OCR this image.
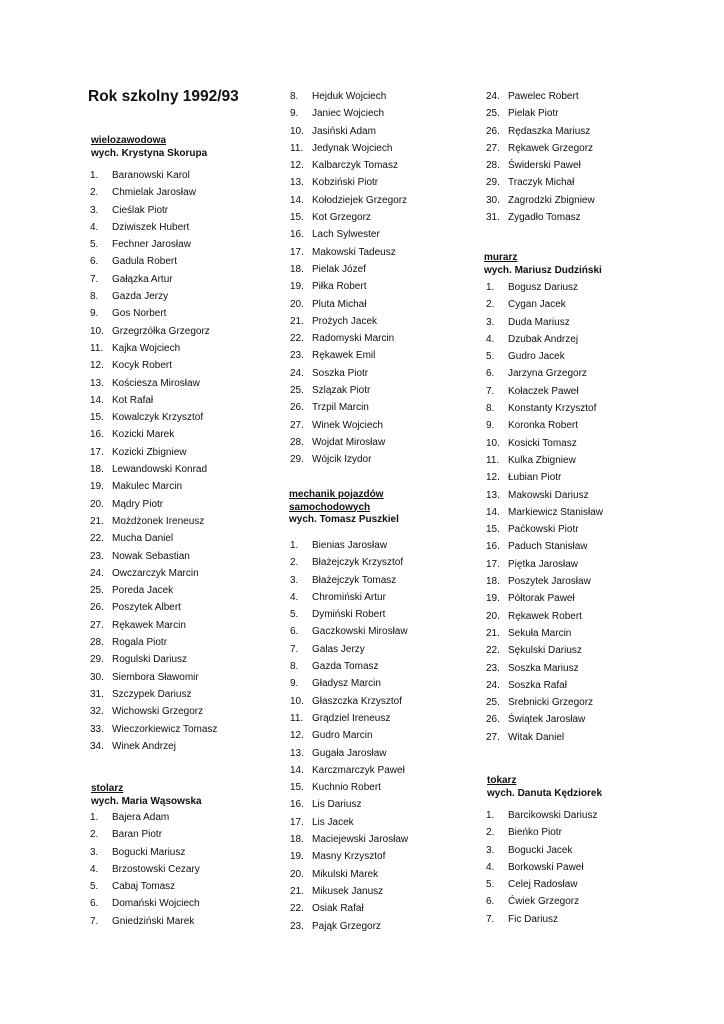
Rok szkolny 1992/93
wielozawodowa
wych. Krystyna Skorupa
1. Baranowski Karol
2. Chmielak Jarosław
3. Cieślak Piotr
4. Dziwiszek Hubert
5. Fechner Jarosław
6. Gadula Robert
7. Gałązka Artur
8. Gazda Jerzy
9. Gos Norbert
10. Grzegrzółka Grzegorz
11. Kajka Wojciech
12. Kocyk Robert
13. Kościesza Mirosław
14. Kot Rafał
15. Kowalczyk Krzysztof
16. Kozicki Marek
17. Kozicki Zbigniew
18. Lewandowski Konrad
19. Makulec Marcin
20. Mądry Piotr
21. Możdżonek Ireneusz
22. Mucha Daniel
23. Nowak Sebastian
24. Owczarczyk Marcin
25. Poreda Jacek
26. Poszytek Albert
27. Rękawek Marcin
28. Rogala Piotr
29. Rogulski Dariusz
30. Siembora Sławomir
31. Szczypek Dariusz
32. Wichowski Grzegorz
33. Wieczorkiewicz Tomasz
34. Winek Andrzej
stolarz
wych. Maria Wąsowska
1. Bajera Adam
2. Baran Piotr
3. Bogucki Mariusz
4. Brzostowski Cezary
5. Cabaj Tomasz
6. Domański Wojciech
7. Gniedziński Marek
8. Hejduk Wojciech
9. Janiec Wojciech
10. Jasiński Adam
11. Jedynak Wojciech
12. Kalbarczyk Tomasz
13. Kobziński Piotr
14. Kołodziejek Grzegorz
15. Kot Grzegorz
16. Lach Sylwester
17. Makowski Tadeusz
18. Pielak Józef
19. Piłka Robert
20. Pluta Michał
21. Prożych Jacek
22. Radomyski Marcin
23. Rękawek Emil
24. Soszka Piotr
25. Szlązak Piotr
26. Trzpil Marcin
27. Winek Wojciech
28. Wojdat Mirosław
29. Wójcik Izydor
mechanik pojazdów
samochodowych
wych. Tomasz Puszkiel
1. Bienias Jarosław
2. Błażejczyk Krzysztof
3. Błażejczyk Tomasz
4. Chromiński Artur
5. Dymiński Robert
6. Gaczkowski Mirosław
7. Galas Jerzy
8. Gazda Tomasz
9. Gładysz Marcin
10. Głaszczka Krzysztof
11. Grądziel Ireneusz
12. Gudro Marcin
13. Gugała Jarosław
14. Karczmarczyk Paweł
15. Kuchnio Robert
16. Lis Dariusz
17. Lis Jacek
18. Maciejewski Jarosław
19. Masny Krzysztof
20. Mikulski Marek
21. Mikusek Janusz
22. Osiak Rafał
23. Pająk Grzegorz
24. Pawelec Robert
25. Pielak Piotr
26. Rędaszka Mariusz
27. Rękawek Grzegorz
28. Świderski Paweł
29. Traczyk Michał
30. Zagrodzki Zbigniew
31. Zygadło Tomasz
murarz
wych. Mariusz Dudziński
1. Bogusz Dariusz
2. Cygan Jacek
3. Duda Mariusz
4. Dzubak Andrzej
5. Gudro Jacek
6. Jarzyna Grzegorz
7. Kołaczek Paweł
8. Konstanty Krzysztof
9. Koronka Robert
10. Kosicki Tomasz
11. Kulka Zbigniew
12. Łubian Piotr
13. Makowski Dariusz
14. Markiewicz Stanisław
15. Paćkowski Piotr
16. Paduch Stanisław
17. Piętka Jarosław
18. Poszytek Jarosław
19. Półtorak Paweł
20. Rękawek Robert
21. Sekuła Marcin
22. Sękulski Dariusz
23. Soszka Mariusz
24. Soszka Rafał
25. Srebnicki Grzegorz
26. Świątek Jarosław
27. Witak Daniel
tokarz
wych. Danuta Kędziorek
1. Barcikowski Dariusz
2. Bieńko Piotr
3. Bogucki Jacek
4. Borkowski Paweł
5. Celej Radosław
6. Ćwiek Grzegorz
7. Fic Dariusz
